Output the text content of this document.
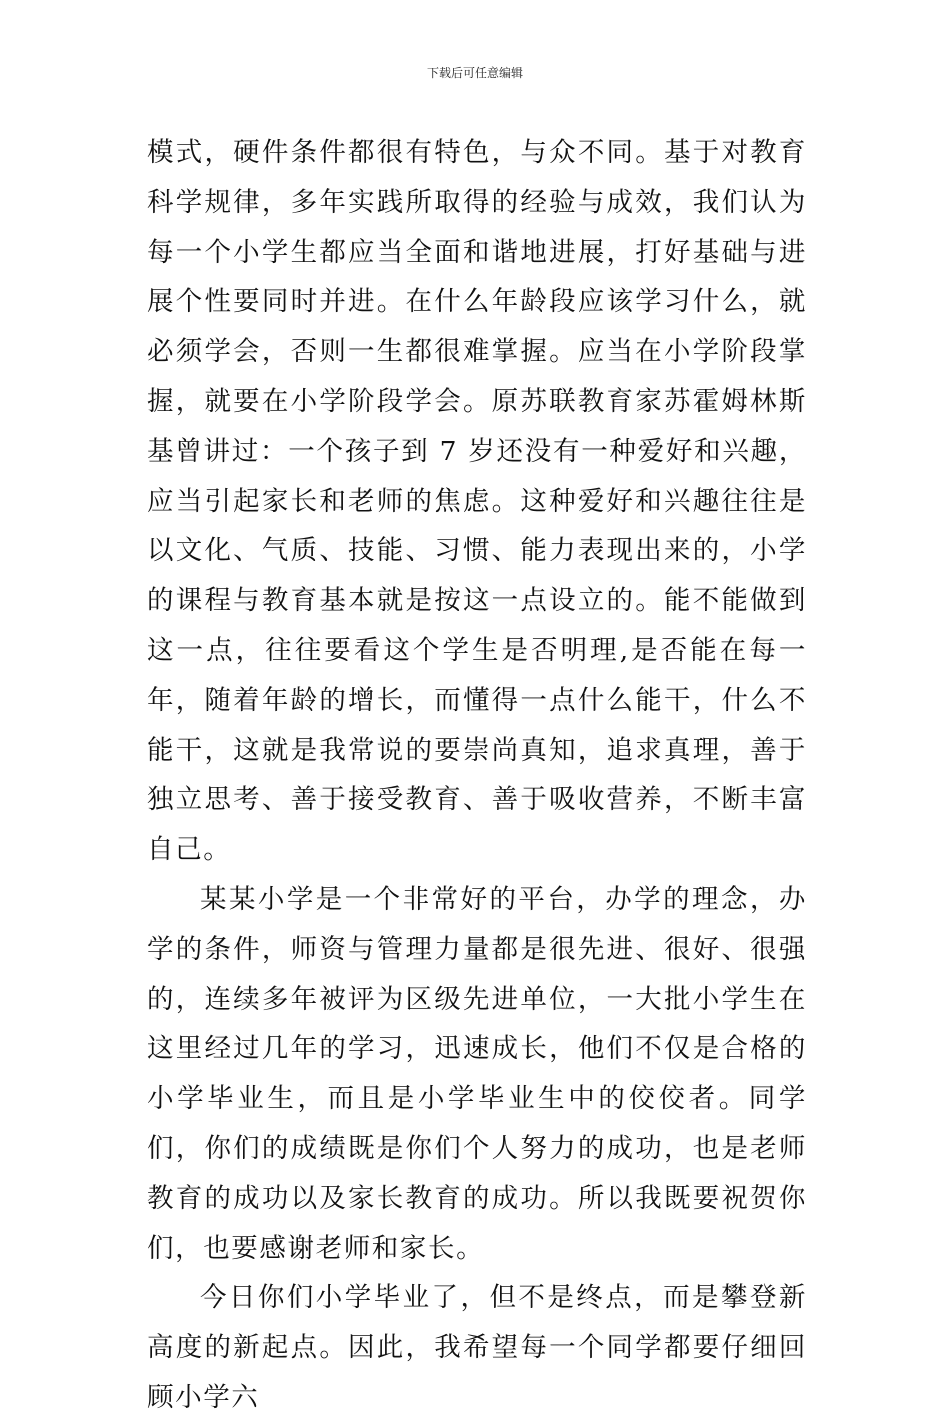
下载后可任意编辑

模式，硬件条件都很有特色，与众不同。基于对教育科学规律，多年实践所取得的经验与成效，我们认为每一个小学生都应当全面和谐地进展，打好基础与进展个性要同时并进。在什么年龄段应该学习什么，就必须学会，否则一生都很难掌握。应当在小学阶段掌握，就要在小学阶段学会。原苏联教育家苏霍姆林斯基曾讲过：一个孩子到 7 岁还没有一种爱好和兴趣，应当引起家长和老师的焦虑。这种爱好和兴趣往往是以文化、气质、技能、习惯、能力表现出来的，小学的课程与教育基本就是按这一点设立的。能不能做到这一点，往往要看这个学生是否明理,是否能在每一年，随着年龄的增长，而懂得一点什么能干，什么不能干，这就是我常说的要崇尚真知，追求真理，善于独立思考、善于接受教育、善于吸收营养，不断丰富自己。

某某小学是一个非常好的平台，办学的理念，办学的条件，师资与管理力量都是很先进、很好、很强的，连续多年被评为区级先进单位，一大批小学生在这里经过几年的学习，迅速成长，他们不仅是合格的小学毕业生，而且是小学毕业生中的佼佼者。同学们，你们的成绩既是你们个人努力的成功，也是老师教育的成功以及家长教育的成功。所以我既要祝贺你们，也要感谢老师和家长。

今日你们小学毕业了，但不是终点，而是攀登新高度的新起点。因此，我希望每一个同学都要仔细回顾小学六
